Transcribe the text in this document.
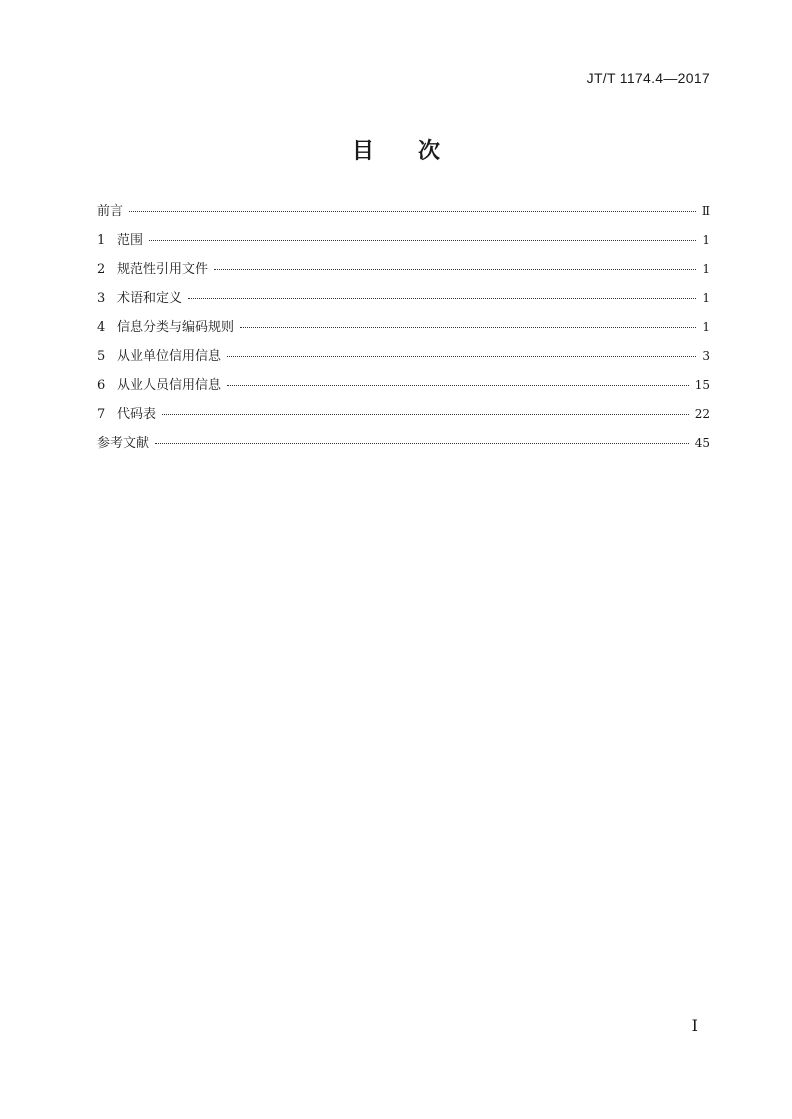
JT/T 1174.4—2017
目 次
前言	Ⅱ
1 范围	1
2 规范性引用文件	1
3 术语和定义	1
4 信息分类与编码规则	1
5 从业单位信用信息	3
6 从业人员信用信息	15
7 代码表	22
参考文献	45
I
